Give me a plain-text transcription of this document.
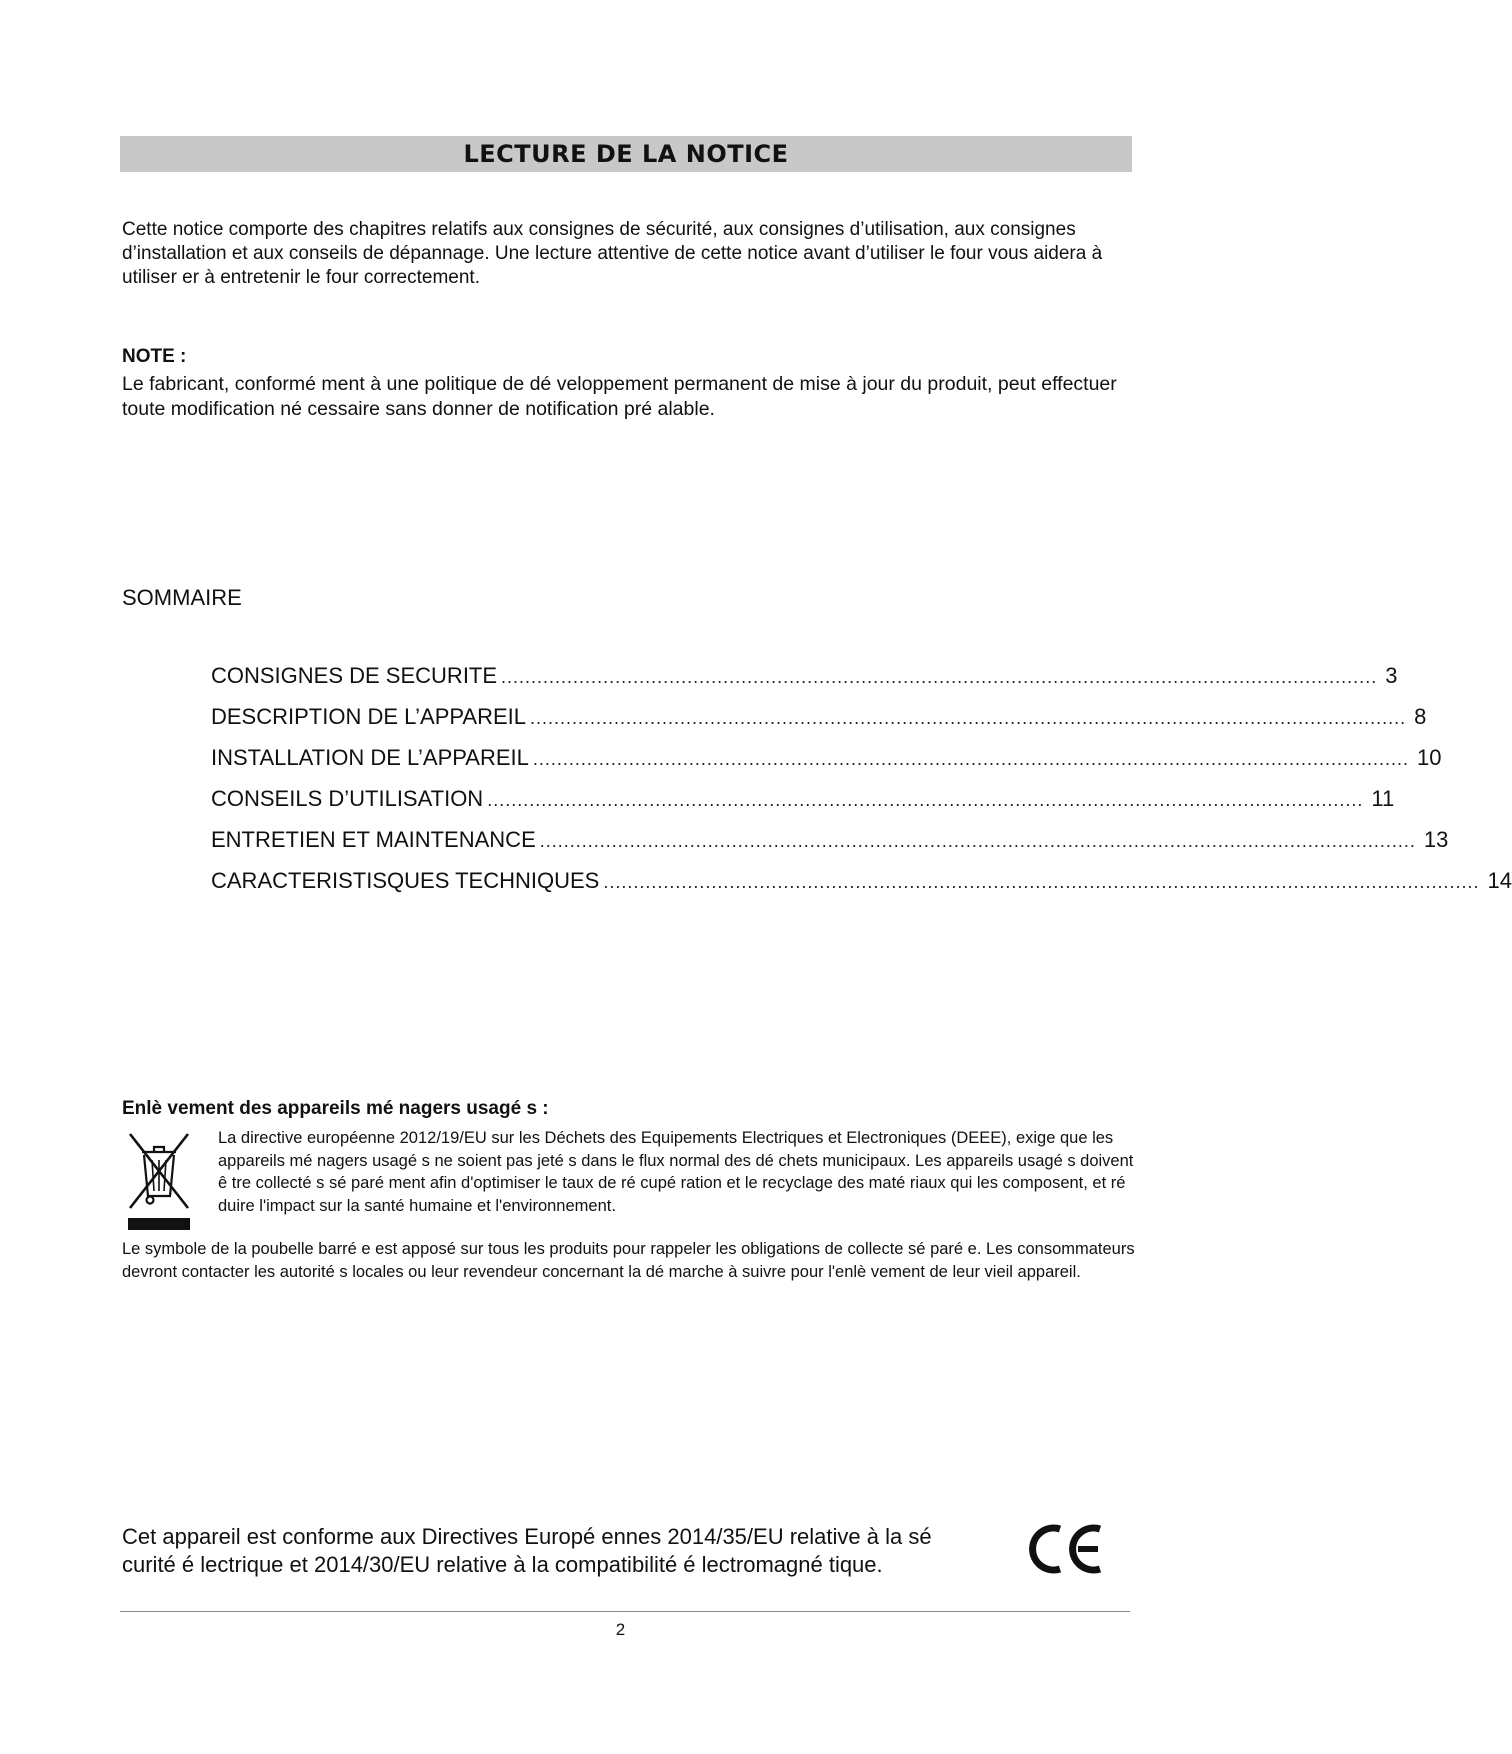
LECTURE DE LA NOTICE

Cette notice comporte des chapitres relatifs aux consignes de sécurité, aux consignes d’utilisation, aux consignes d’installation et aux conseils de dépannage. Une lecture attentive de cette notice avant d’utiliser le four vous aidera à utiliser er à entretenir le four correctement.

NOTE :

Le fabricant, conformé ment à une politique de dé veloppement permanent de mise à jour du produit, peut effectuer toute modification né cessaire sans donner de notification pré alable.

SOMMAIRE

CONSIGNES DE SECURITE .................................................................................................................................................. 3
DESCRIPTION DE L’APPAREIL .................................................................................................................................................. 8
INSTALLATION DE L’APPAREIL .................................................................................................................................................. 10
CONSEILS D’UTILISATION .................................................................................................................................................. 11
ENTRETIEN ET MAINTENANCE .................................................................................................................................................. 13
CARACTERISTISQUES TECHNIQUES .................................................................................................................................................. 14

Enlè vement des appareils mé nagers usagé s :

La directive européenne 2012/19/EU sur les Déchets des Equipements Electriques et Electroniques (DEEE), exige que les appareils mé nagers usagé s ne soient pas jeté s dans le flux normal des dé chets municipaux. Les appareils usagé s doivent ê tre collecté s sé paré ment afin d'optimiser le taux de ré cupé ration et le recyclage des maté riaux qui les composent, et ré duire l'impact sur la santé humaine et l'environnement.

Le symbole de la poubelle barré e est apposé sur tous les produits pour rappeler les obligations de collecte sé paré e. Les consommateurs devront contacter les autorité s locales ou leur revendeur concernant la dé marche à suivre pour l'enlè vement de leur vieil appareil.

Cet appareil est conforme aux Directives Europé ennes 2014/35/EU relative à la sé curité é lectrique et 2014/30/EU relative à la compatibilité é lectromagné tique.

2
